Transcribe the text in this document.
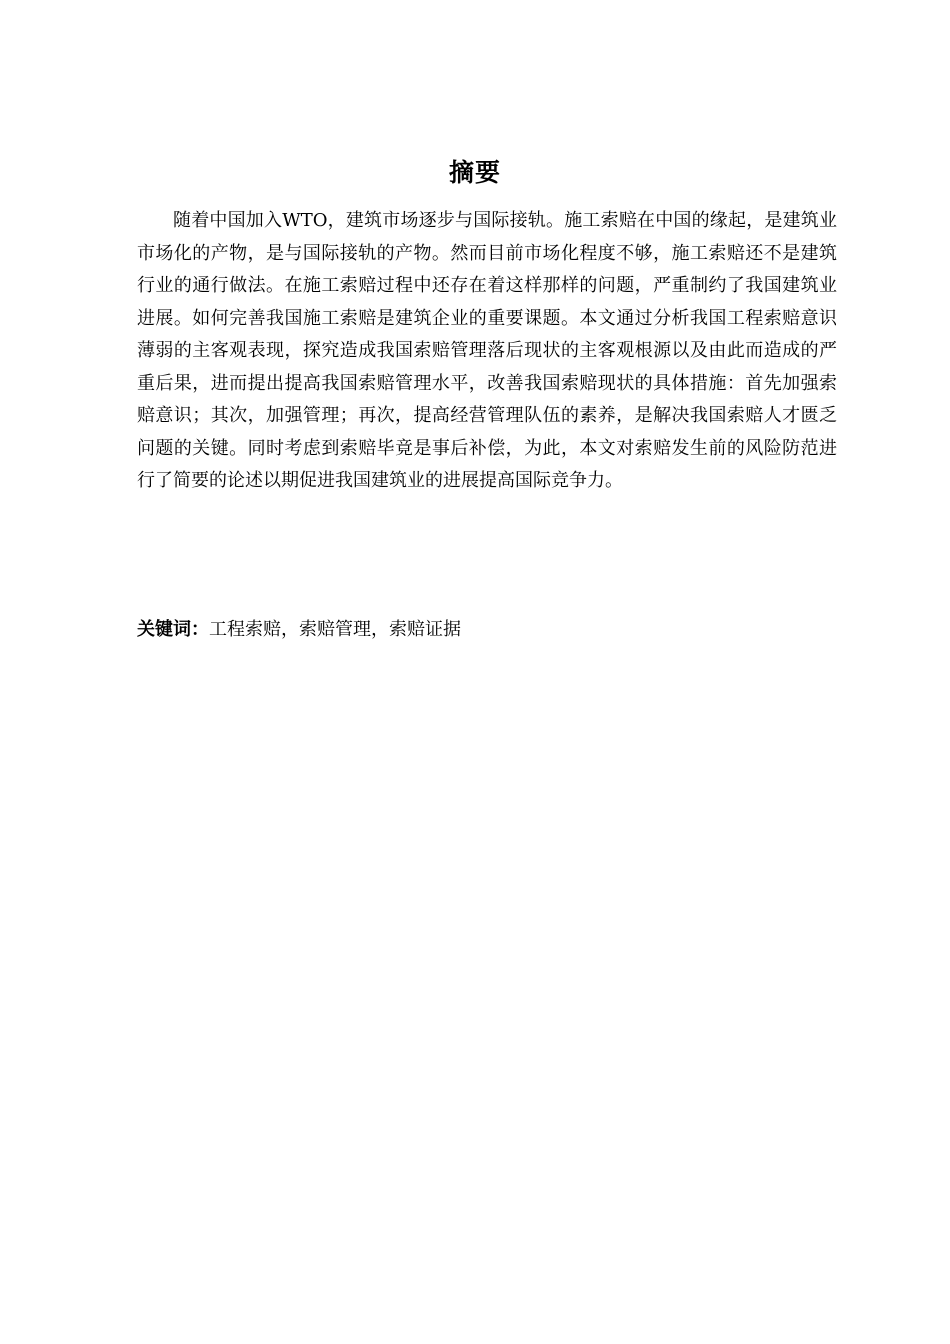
摘要

随着中国加入WTO，建筑市场逐步与国际接轨。施工索赔在中国的缘起，是建筑业市场化的产物，是与国际接轨的产物。然而目前市场化程度不够，施工索赔还不是建筑行业的通行做法。在施工索赔过程中还存在着这样那样的问题，严重制约了我国建筑业进展。如何完善我国施工索赔是建筑企业的重要课题。本文通过分析我国工程索赔意识薄弱的主客观表现，探究造成我国索赔管理落后现状的主客观根源以及由此而造成的严重后果，进而提出提高我国索赔管理水平，改善我国索赔现状的具体措施：首先加强索赔意识；其次，加强管理；再次，提高经营管理队伍的素养，是解决我国索赔人才匮乏问题的关键。同时考虑到索赔毕竟是事后补偿，为此，本文对索赔发生前的风险防范进行了简要的论述以期促进我国建筑业的进展提高国际竞争力。

关键词：工程索赔，索赔管理，索赔证据
